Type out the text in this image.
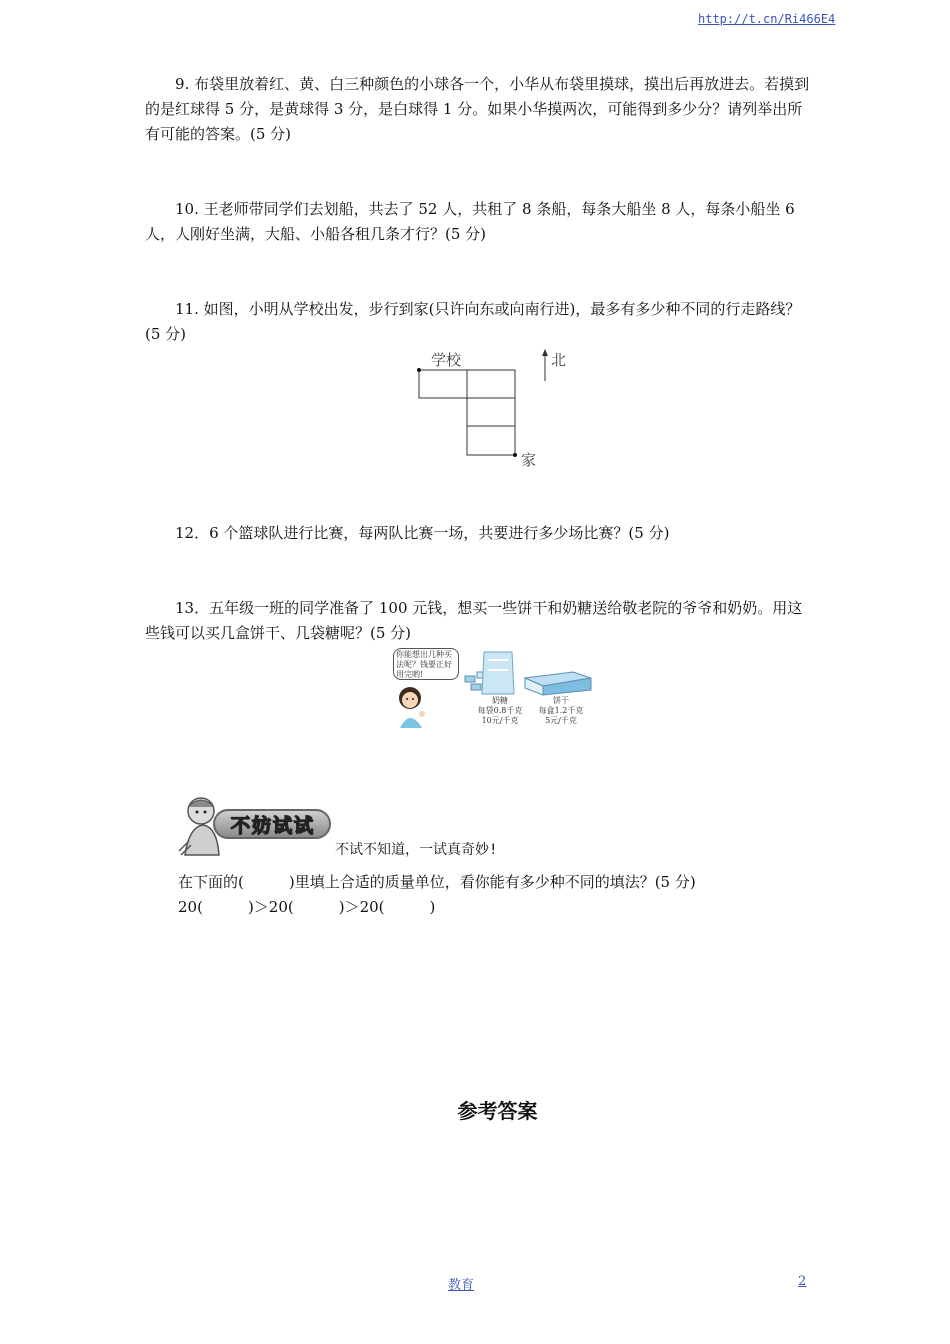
http://t.cn/Ri466E4

9. 布袋里放着红、黄、白三种颜色的小球各一个，小华从布袋里摸球，摸出后再放进去。若摸到的是红球得 5 分，是黄球得 3 分，是白球得 1 分。如果小华摸两次，可能得到多少分？请列举出所有可能的答案。(5 分)

10. 王老师带同学们去划船，共去了 52 人，共租了 8 条船，每条大船坐 8 人，每条小船坐 6 人，人刚好坐满，大船、小船各租几条才行？(5 分)

11. 如图，小明从学校出发，步行到家(只许向东或向南行进)，最多有多少种不同的行走路线？(5 分)

学校
家
北

12．6 个篮球队进行比赛，每两队比赛一场，共要进行多少场比赛？(5 分)

13．五年级一班的同学准备了 100 元钱，想买一些饼干和奶糖送给敬老院的爷爷和奶奶。用这些钱可以买几盒饼干、几袋糖呢？(5 分)

你能想出几种买法呢？钱要正好用完哟!
奶糖
每袋0.8千克
10元/千克
饼干
每盒1.2千克
5元/千克
不妨试试
不试不知道，一试真奇妙!
在下面的(　　　)里填上合适的质量单位，看你能有多少种不同的填法？(5 分)
20(　　　)＞20(　　　)＞20(　　　)
参考答案
教育	2
